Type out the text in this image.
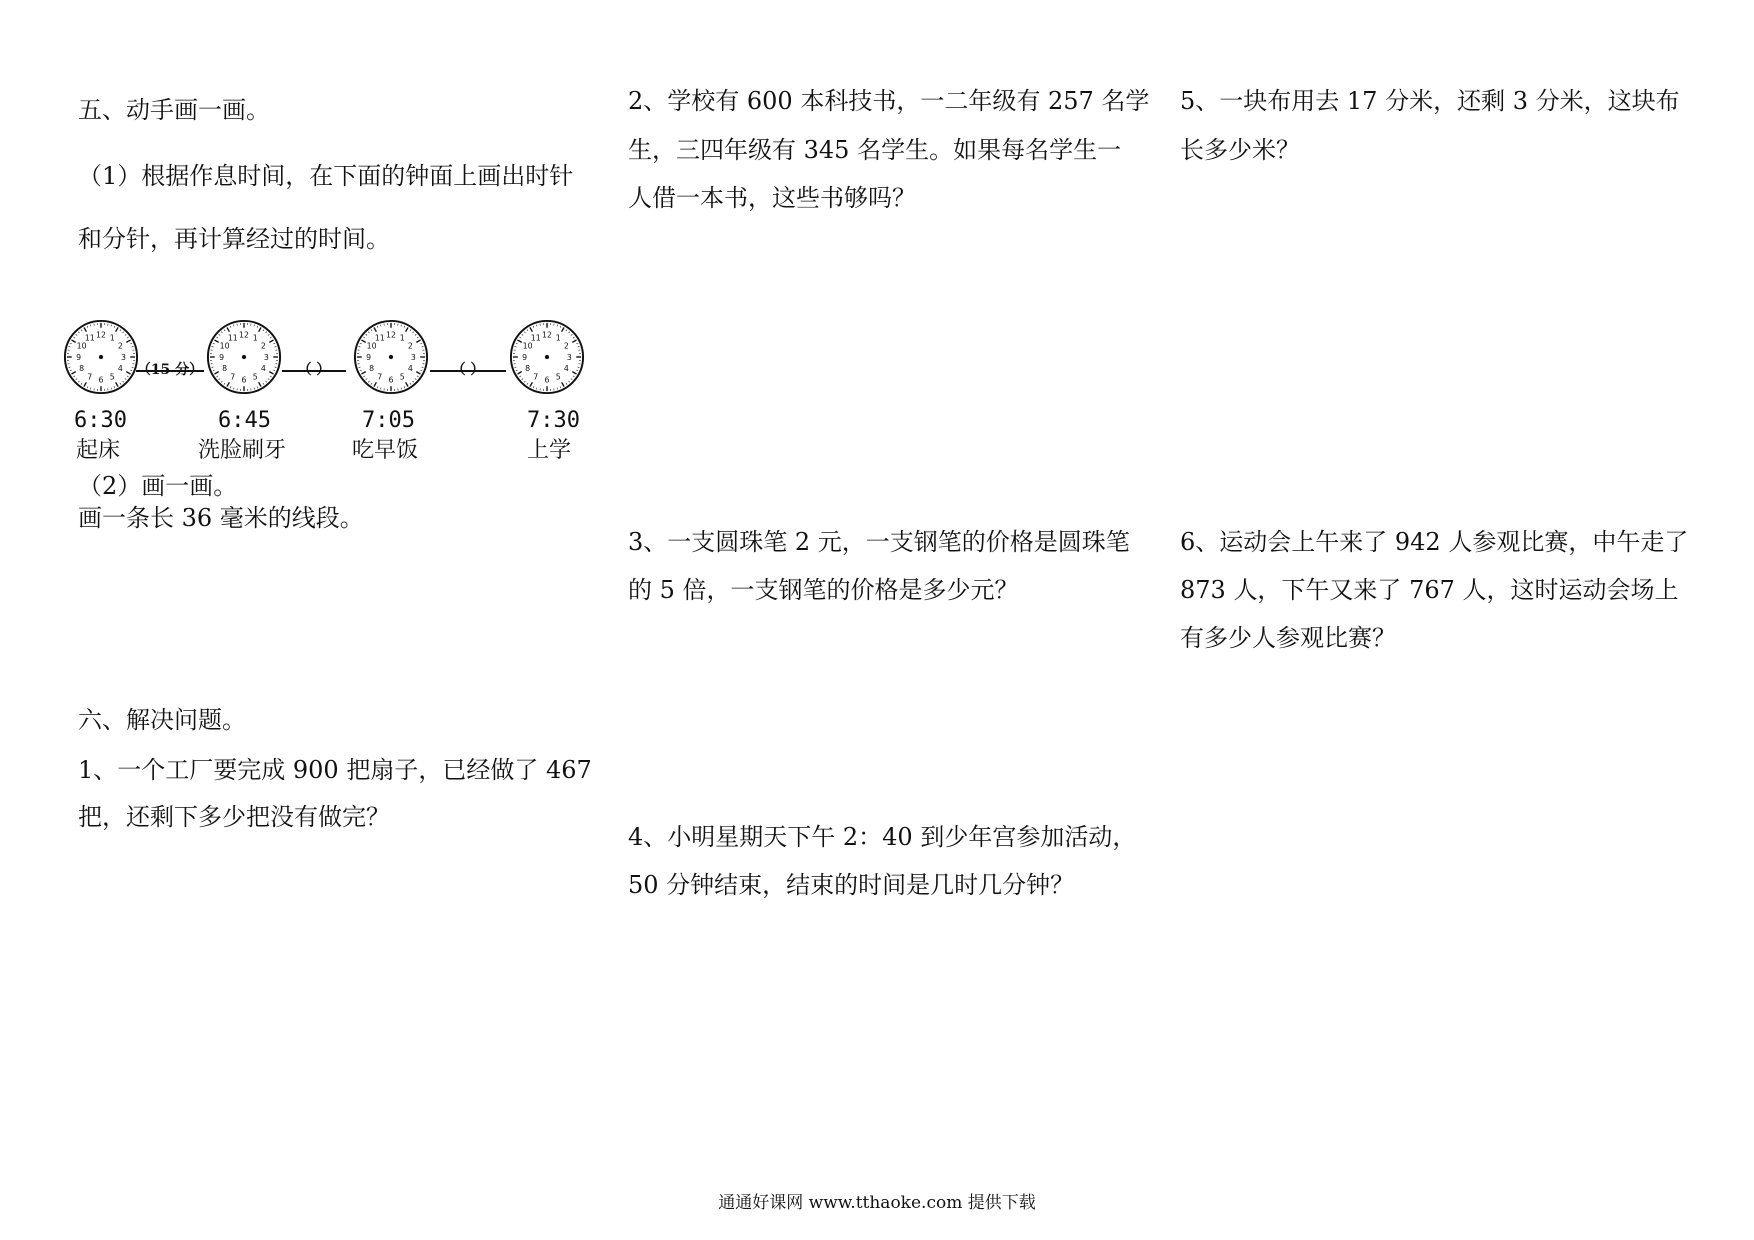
五、动手画一画。

（1）根据作息时间，在下面的钟面上画出时针

和分针，再计算经过的时间。

1
2
3
4
5
6
7
8
9
10
11 12
（15 分）
1
2
3
4
5
6
7
8
9
10
11 12
（ ）
1
2
3
4
5
6
7
8
9
10
11 12
（ ）
1
2
3
4
5
6
7
8
9
10
11 12
6:30	6:45	7:05	7:30
起床	洗脸刷牙	吃早饭	上学

（2）画一画。

画一条长 36 毫米的线段。

六、解决问题。

1、一个工厂要完成 900 把扇子，已经做了 467

把，还剩下多少把没有做完？

2、学校有 600 本科技书，一二年级有 257 名学

生，三四年级有 345 名学生。如果每名学生一

人借一本书，这些书够吗？

3、一支圆珠笔 2 元，一支钢笔的价格是圆珠笔

的 5 倍，一支钢笔的价格是多少元？

4、小明星期天下午 2：40 到少年宫参加活动，

50 分钟结束，结束的时间是几时几分钟？

5、一块布用去 17 分米，还剩 3 分米，这块布

长多少米？

6、运动会上午来了 942 人参观比赛，中午走了

873 人，下午又来了 767 人，这时运动会场上

有多少人参观比赛？

通通好课网 www.tthaoke.com 提供下载
